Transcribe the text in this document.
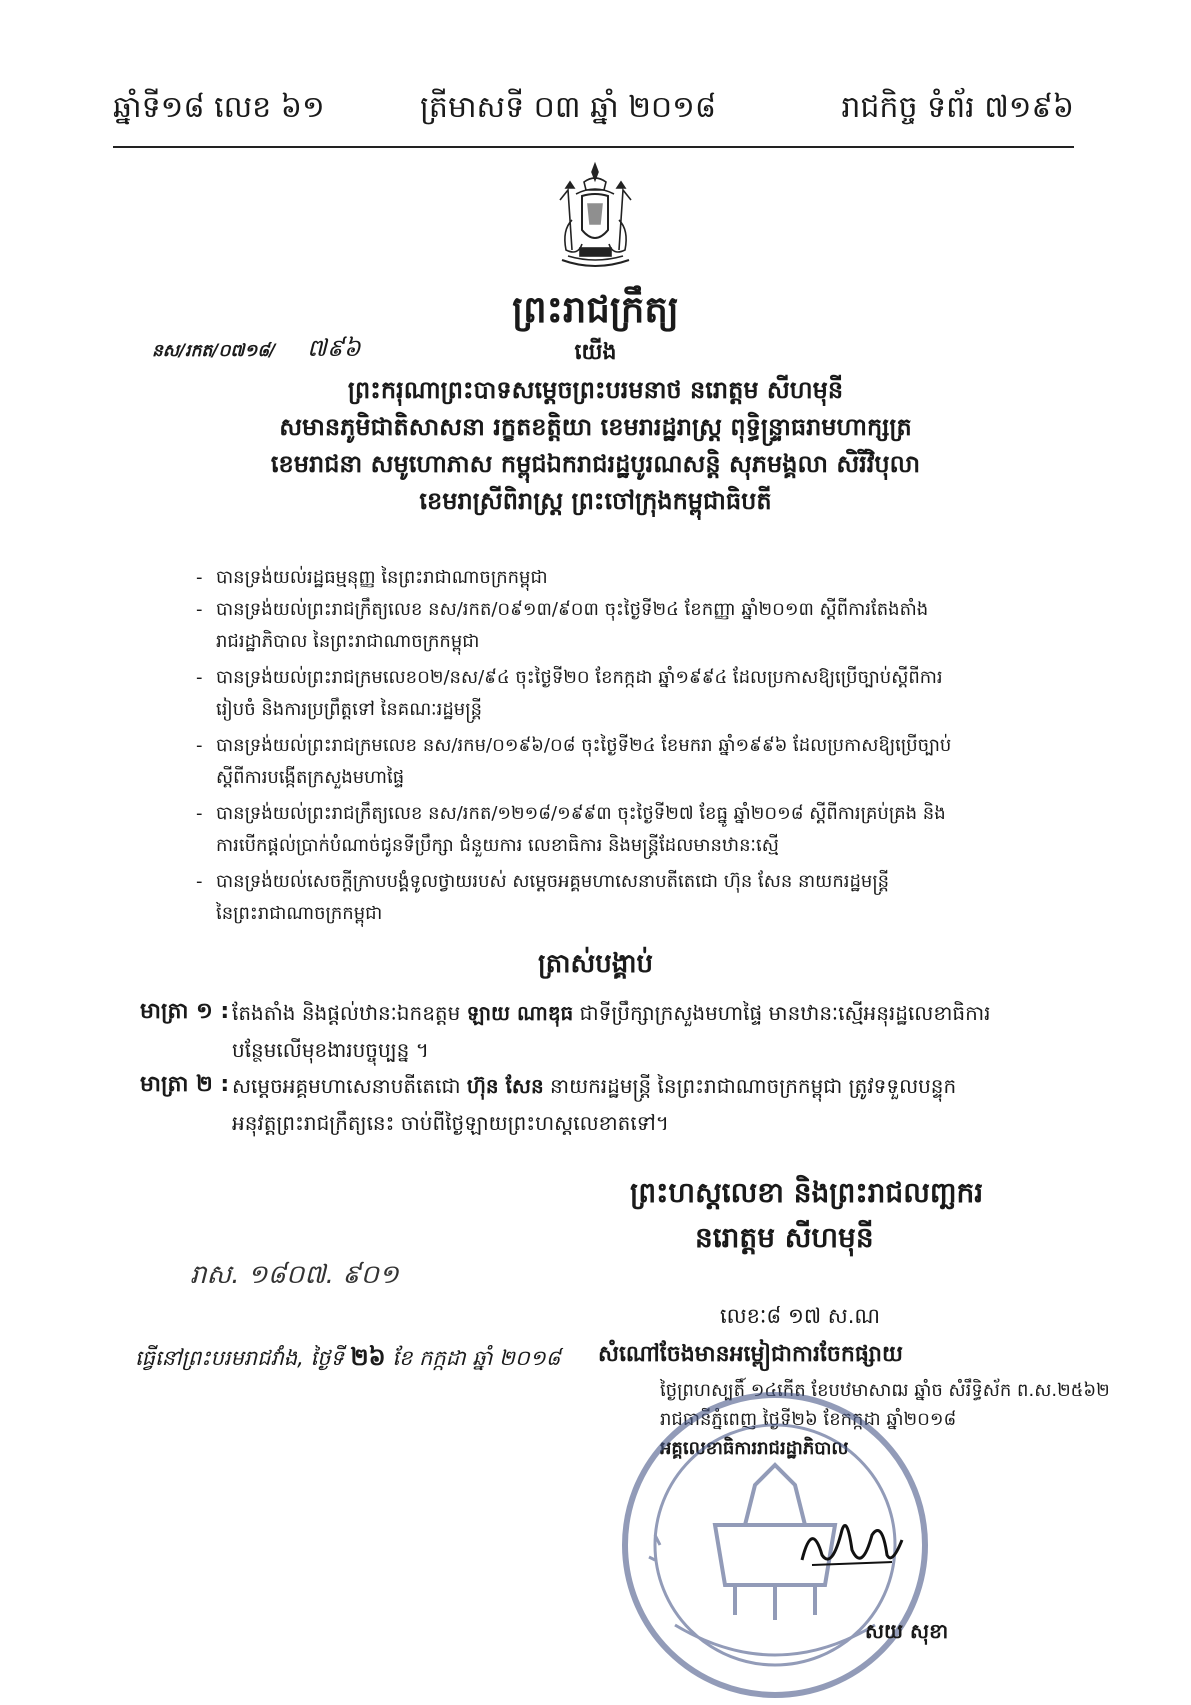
ឆ្នាំទី១៨ លេខ ៦១	ត្រីមាសទី ០៣ ឆ្នាំ ២០១៨	រាជកិច្ច ទំព័រ ៧១៩៦
ព្រះរាជក្រឹត្យ
នស/រកត/០៧១៨/ ៧៩៦	យើង
ព្រះករុណាព្រះបាទសម្តេចព្រះបរមនាថ នរោត្តម សីហមុនី
សមានភូមិជាតិសាសនា រក្ខតខត្តិយា ខេមរារដ្ឋរាស្ត្រ ពុទ្ធិន្ទ្រាធរាមហាក្សត្រ
ខេមរាជនា សមូហោភាស កម្ពុជឯករាជរដ្ឋបូរណសន្តិ សុភមង្គលា សិរីវិបុលា
ខេមរាស្រីពិរាស្ត្រ ព្រះចៅក្រុងកម្ពុជាធិបតី
- បានទ្រង់យល់រដ្ឋធម្មនុញ្ញ នៃព្រះរាជាណាចក្រកម្ពុជា
- បានទ្រង់យល់ព្រះរាជក្រឹត្យលេខ នស/រកត/០៩១៣/៩០៣ ចុះថ្ងៃទី២៤ ខែកញ្ញា ឆ្នាំ២០១៣ ស្តីពីការតែងតាំង
រាជរដ្ឋាភិបាល នៃព្រះរាជាណាចក្រកម្ពុជា
- បានទ្រង់យល់ព្រះរាជក្រមលេខ០២/នស/៩៤ ចុះថ្ងៃទី២០ ខែកក្កដា ឆ្នាំ១៩៩៤ ដែលប្រកាសឱ្យប្រើច្បាប់ស្តីពីការ
រៀបចំ និងការប្រព្រឹត្តទៅ នៃគណៈរដ្ឋមន្ត្រី
- បានទ្រង់យល់ព្រះរាជក្រមលេខ នស/រកម/០១៩៦/០៨ ចុះថ្ងៃទី២៤ ខែមករា ឆ្នាំ១៩៩៦ ដែលប្រកាសឱ្យប្រើច្បាប់
ស្តីពីការបង្កើតក្រសួងមហាផ្ទៃ
- បានទ្រង់យល់ព្រះរាជក្រឹត្យលេខ នស/រកត/១២១៨/១៩៩៣ ចុះថ្ងៃទី២៧ ខែធ្នូ ឆ្នាំ២០១៨ ស្តីពីការគ្រប់គ្រង និង
ការបើកផ្តល់ប្រាក់បំណាច់ជូនទីប្រឹក្សា ជំនួយការ លេខាធិការ និងមន្ត្រីដែលមានឋានៈស្មើ
- បានទ្រង់យល់សេចក្តីក្រាបបង្គំទូលថ្វាយរបស់ សម្តេចអគ្គមហាសេនាបតីតេជោ ហ៊ុន សែន នាយករដ្ឋមន្ត្រី
នៃព្រះរាជាណាចក្រកម្ពុជា
ត្រាស់បង្គាប់
មាត្រា ១ : តែងតាំង និងផ្តល់ឋានៈឯកឧត្តម ឡាយ ណាឌុធ ជាទីប្រឹក្សាក្រសួងមហាផ្ទៃ មានឋានៈស្មើអនុរដ្ឋលេខាធិការ
បន្ថែមលើមុខងារបច្ចុប្បន្ន ។
មាត្រា ២ : សម្តេចអគ្គមហាសេនាបតីតេជោ ហ៊ុន សែន នាយករដ្ឋមន្ត្រី នៃព្រះរាជាណាចក្រកម្ពុជា ត្រូវទទួលបន្ទុក
អនុវត្តព្រះរាជក្រឹត្យនេះ ចាប់ពីថ្ងៃឡាយព្រះហស្តលេខាតទៅ។
ព្រះហស្តលេខា និងព្រះរាជលញ្ឆករ
នរោត្តម សីហមុនី
រាស. ១៨០៧. ៩០១
លេខៈ៨ ១៧ ស.ណ
ធ្វើនៅព្រះបរមរាជវាំង, ថ្ងៃទី ២៦ ខែ កក្កដា ឆ្នាំ ២០១៨ សំណៅចែងមានអម្ពៀជាការចែកផ្សាយ
ថ្ងៃព្រហស្បតិ៍ ១៤កើត ខែបឋមាសាឍ ឆ្នាំច សំរឹទ្ធិស័ក ព.ស.២៥៦២
រាជធានីភ្នំពេញ ថ្ងៃទី២៦ ខែកក្កដា ឆ្នាំ២០១៨
អគ្គលេខាធិការរាជរដ្ឋាភិបាល
សយ សុខា
